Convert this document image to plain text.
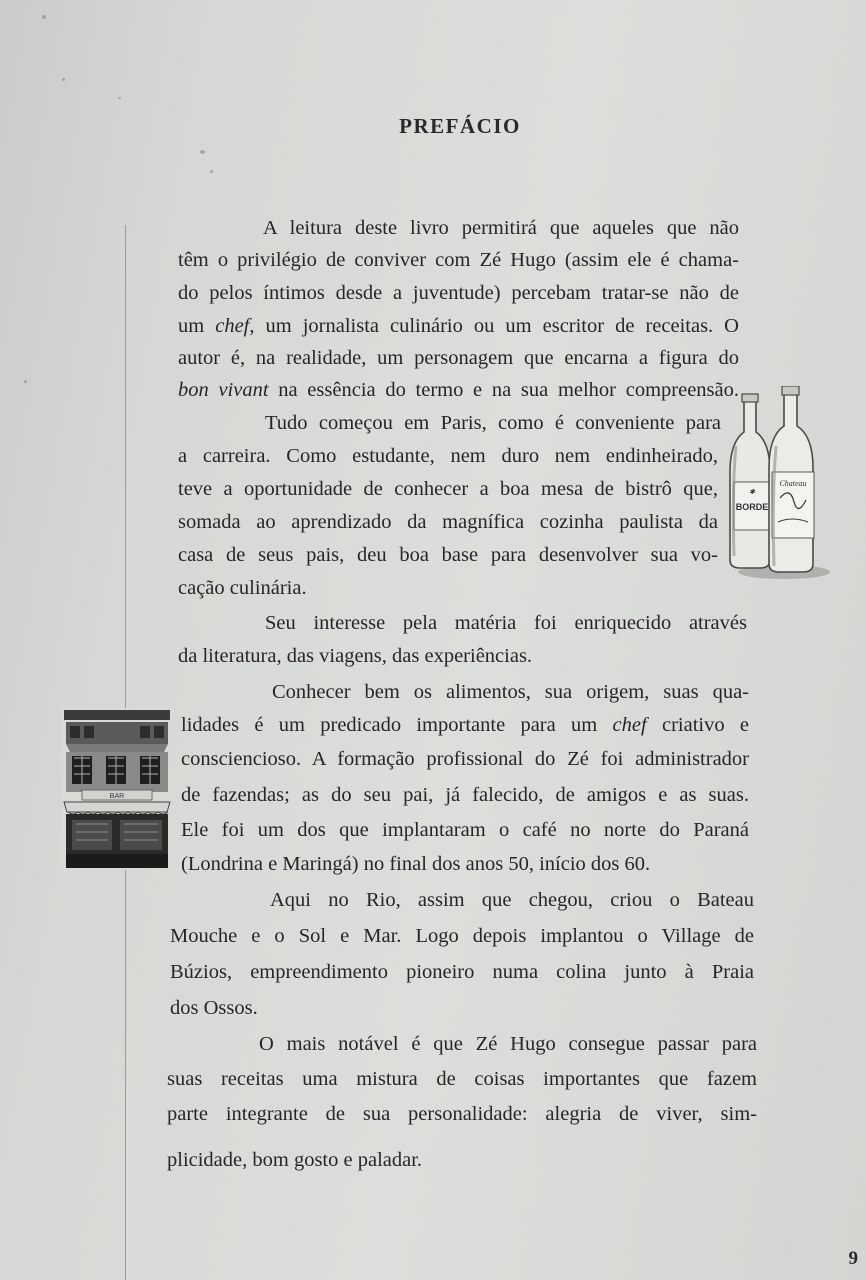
PREFÁCIO

A leitura deste livro permitirá que aqueles que não

têm o privilégio de conviver com Zé Hugo (assim ele é chama-

do pelos íntimos desde a juventude) percebam tratar-se não de

um chef, um jornalista culinário ou um escritor de receitas. O

autor é, na realidade, um personagem que encarna a figura do

bon vivant na essência do termo e na sua melhor compreensão.

Tudo começou em Paris, como é conveniente para

a carreira. Como estudante, nem duro nem endinheirado,

teve a oportunidade de conhecer a boa mesa de bistrô que,

somada ao aprendizado da magnífica cozinha paulista da

casa de seus pais, deu boa base para desenvolver sua vo-

cação culinária.

Seu interesse pela matéria foi enriquecido através

da literatura, das viagens, das experiências.

Conhecer bem os alimentos, sua origem, suas qua-

lidades é um predicado importante para um chef criativo e

consciencioso. A formação profissional do Zé foi administrador

de fazendas; as do seu pai, já falecido, de amigos e as suas.

Ele foi um dos que implantaram o café no norte do Paraná

(Londrina e Maringá) no final dos anos 50, início dos 60.

Aqui no Rio, assim que chegou, criou o Bateau

Mouche e o Sol e Mar. Logo depois implantou o Village de

Búzios, empreendimento pioneiro numa colina junto à Praia

dos Ossos.

O mais notável é que Zé Hugo consegue passar para

suas receitas uma mistura de coisas importantes que fazem

parte integrante de sua personalidade: alegria de viver, sim-

plicidade, bom gosto e paladar.

✱
BORDE
Chateau
BAR
9
